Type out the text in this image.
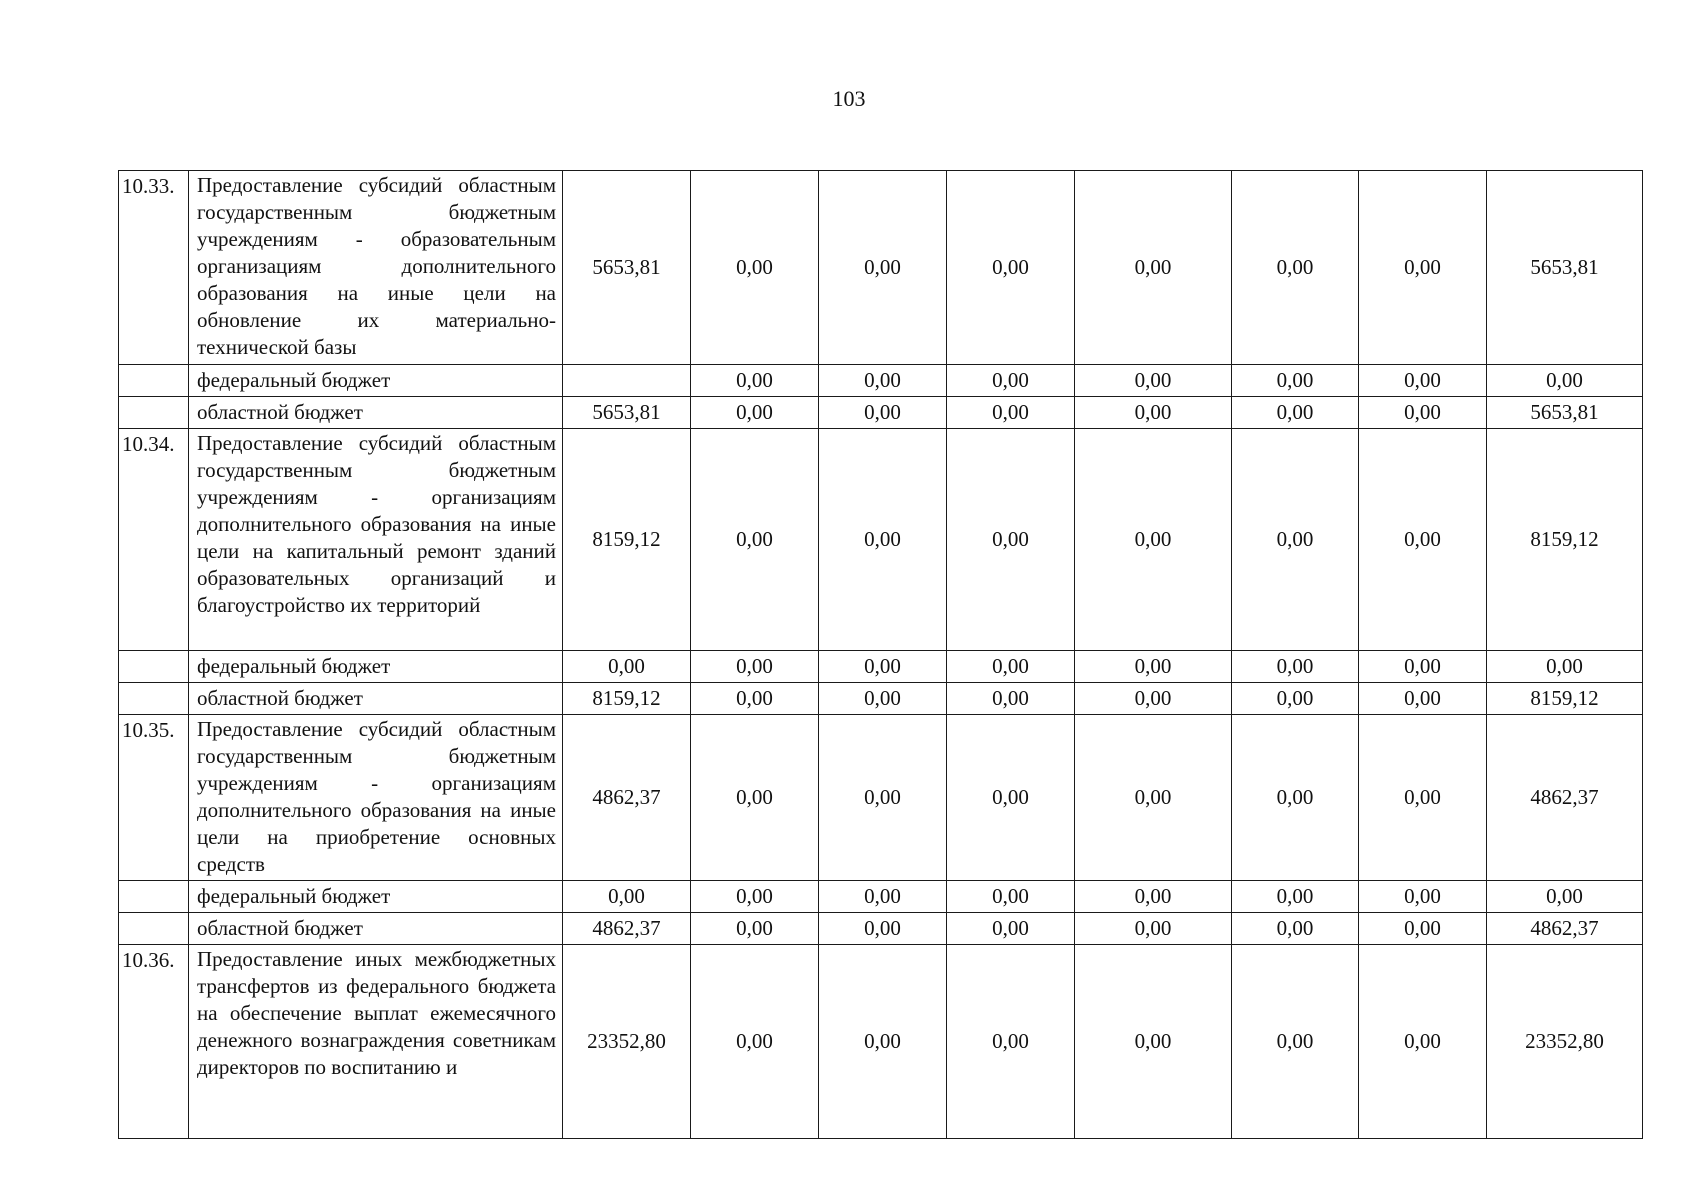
103
10.33.	Предоставление субсидий областным государственным бюджетным учреждениям - образовательным организациям дополнительного образования на иные цели на обновление их материально-технической базы	5653,81	0,00	0,00	0,00	0,00	0,00	0,00	5653,81
	федеральный бюджет		0,00	0,00	0,00	0,00	0,00	0,00	0,00
	областной бюджет	5653,81	0,00	0,00	0,00	0,00	0,00	0,00	5653,81
10.34.	Предоставление субсидий областным государственным бюджетным учреждениям - организациям дополнительного образования на иные цели на капитальный ремонт зданий образовательных организаций и благоустройство их территорий	8159,12	0,00	0,00	0,00	0,00	0,00	0,00	8159,12
	федеральный бюджет	0,00	0,00	0,00	0,00	0,00	0,00	0,00	0,00
	областной бюджет	8159,12	0,00	0,00	0,00	0,00	0,00	0,00	8159,12
10.35.	Предоставление субсидий областным государственным бюджетным учреждениям - организациям дополнительного образования на иные цели на приобретение основных средств	4862,37	0,00	0,00	0,00	0,00	0,00	0,00	4862,37
	федеральный бюджет	0,00	0,00	0,00	0,00	0,00	0,00	0,00	0,00
	областной бюджет	4862,37	0,00	0,00	0,00	0,00	0,00	0,00	4862,37
10.36.	Предоставление иных межбюджетных трансфертов из федерального бюджета на обеспечение выплат ежемесячного денежного вознаграждения советникам директоров по воспитанию и	23352,80	0,00	0,00	0,00	0,00	0,00	0,00	23352,80
